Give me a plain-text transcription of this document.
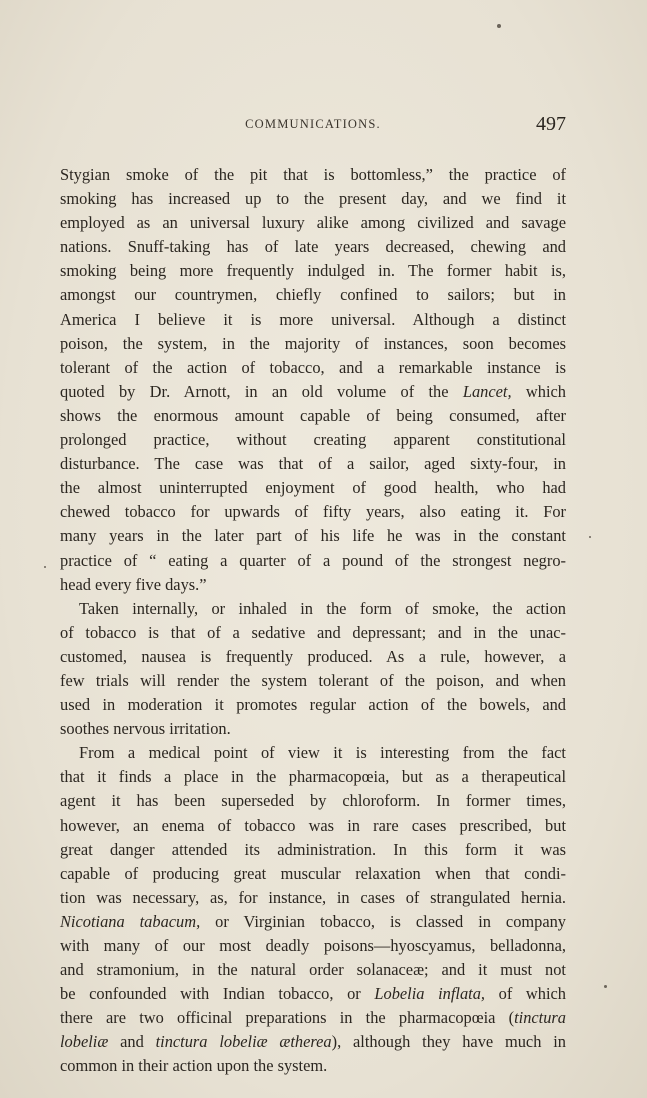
COMMUNICATIONS.	497
Stygian smoke of the pit that is bottomless,” the practice of
smoking has increased up to the present day, and we find it
employed as an universal luxury alike among civilized and savage
nations. Snuff-taking has of late years decreased, chewing and
smoking being more frequently indulged in. The former habit is,
amongst our countrymen, chiefly confined to sailors; but in
America I believe it is more universal. Although a distinct
poison, the system, in the majority of instances, soon becomes
tolerant of the action of tobacco, and a remarkable instance is
quoted by Dr. Arnott, in an old volume of the Lancet, which
shows the enormous amount capable of being consumed, after
prolonged practice, without creating apparent constitutional
disturbance. The case was that of a sailor, aged sixty-four, in
the almost uninterrupted enjoyment of good health, who had
chewed tobacco for upwards of fifty years, also eating it. For
many years in the later part of his life he was in the constant
practice of “ eating a quarter of a pound of the strongest negro-
head every five days.”
Taken internally, or inhaled in the form of smoke, the action
of tobacco is that of a sedative and depressant; and in the unac-
customed, nausea is frequently produced. As a rule, however, a
few trials will render the system tolerant of the poison, and when
used in moderation it promotes regular action of the bowels, and
soothes nervous irritation.
From a medical point of view it is interesting from the fact
that it finds a place in the pharmacopœia, but as a therapeutical
agent it has been superseded by chloroform. In former times,
however, an enema of tobacco was in rare cases prescribed, but
great danger attended its administration. In this form it was
capable of producing great muscular relaxation when that condi-
tion was necessary, as, for instance, in cases of strangulated hernia.
Nicotiana tabacum, or Virginian tobacco, is classed in company
with many of our most deadly poisons—hyoscyamus, belladonna,
and stramonium, in the natural order solanaceæ; and it must not
be confounded with Indian tobacco, or Lobelia inflata, of which
there are two officinal preparations in the pharmacopœia (tinctura
lobeliæ and tinctura lobeliæ ætherea), although they have much in
common in their action upon the system.
